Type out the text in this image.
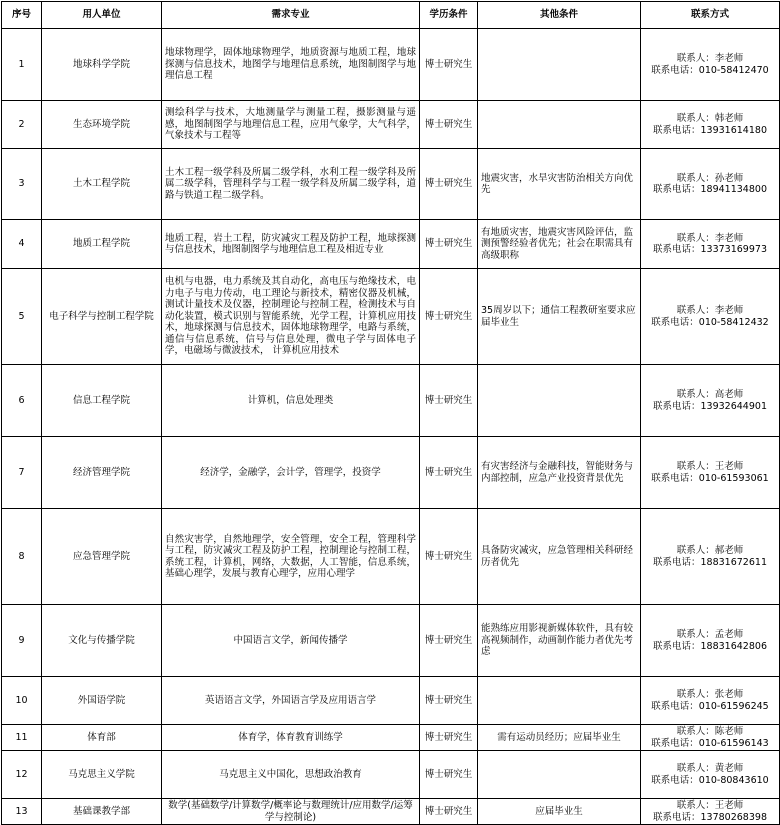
序号	用人单位	需求专业	学历条件	其他条件	联系方式
1	地球科学学院	地球物理学，固体地球物理学，地质资源与地质工程，地球探测与信息技术，地图学与地理信息系统，地图制图学与地理信息工程	博士研究生		联系人：李老师
联系电话：010-58412470

2	生态环境学院	测绘科学与技术，大地测量学与测量工程，摄影测量与遥感，地图制图学与地理信息工程，应用气象学，大气科学，气象技术与工程等	博士研究生		联系人：韩老师
联系电话：13931614180

3	土木工程学院	土木工程一级学科及所属二级学科，水利工程一级学科及所属二级学科，管理科学与工程一级学科及所属二级学科，道路与铁道工程二级学科。	博士研究生	地震灾害，水旱灾害防治相关方向优先	联系人：孙老师
联系电话：18941134800

4	地质工程学院	地质工程，岩土工程，防灾减灾工程及防护工程，地球探测与信息技术，地图制图学与地理信息工程及相近专业	博士研究生	有地质灾害，地震灾害风险评估，监测预警经验者优先；社会在职需具有高级职称	联系人：李老师
联系电话：13373169973

5	电子科学与控制工程学院	电机与电器，电力系统及其自动化，高电压与绝缘技术，电力电子与电力传动，电工理论与新技术，精密仪器及机械，测试计量技术及仪器，控制理论与控制工程，检测技术与自动化装置，模式识别与智能系统，光学工程，计算机应用技术，地球探测与信息技术，固体地球物理学，电路与系统，通信与信息系统，信号与信息处理，微电子学与固体电子学，电磁场与微波技术， 计算机应用技术	博士研究生	35周岁以下；通信工程教研室要求应届毕业生	联系人：李老师
联系电话：010-58412432

6	信息工程学院	计算机，信息处理类	博士研究生		联系人：高老师
联系电话：13932644901

7	经济管理学院	经济学，金融学，会计学，管理学，投资学	博士研究生	有灾害经济与金融科技，智能财务与内部控制，应急产业投资背景优先	联系人：王老师
联系电话：010-61593061

8	应急管理学院	自然灾害学，自然地理学，安全管理，安全工程，管理科学与工程，防灾减灾工程及防护工程，控制理论与控制工程，系统工程，计算机，网络，大数据，人工智能，信息系统，基础心理学，发展与教育心理学，应用心理学	博士研究生	具备防灾减灾，应急管理相关科研经历者优先	联系人：郝老师
联系电话：18831672611

9	文化与传播学院	中国语言文学，新闻传播学	博士研究生	能熟练应用影视新媒体软件，具有较高视频制作，动画制作能力者优先考虑	联系人：孟老师
联系电话：18831642806

10	外国语学院	英语语言文学，外国语言学及应用语言学	博士研究生		联系人：张老师
联系电话：010-61596245

11	体育部	体育学，体育教育训练学	博士研究生	需有运动员经历；应届毕业生	联系人：陈老师
联系电话：010-61596143

12	马克思主义学院	马克思主义中国化，思想政治教育	博士研究生		联系人：黄老师
联系电话：010-80843610

13	基础课教学部	数学(基础数学/计算数学/概率论与数理统计/应用数学/运筹学与控制论)	博士研究生	应届毕业生	联系人：王老师
联系电话：13780268398
